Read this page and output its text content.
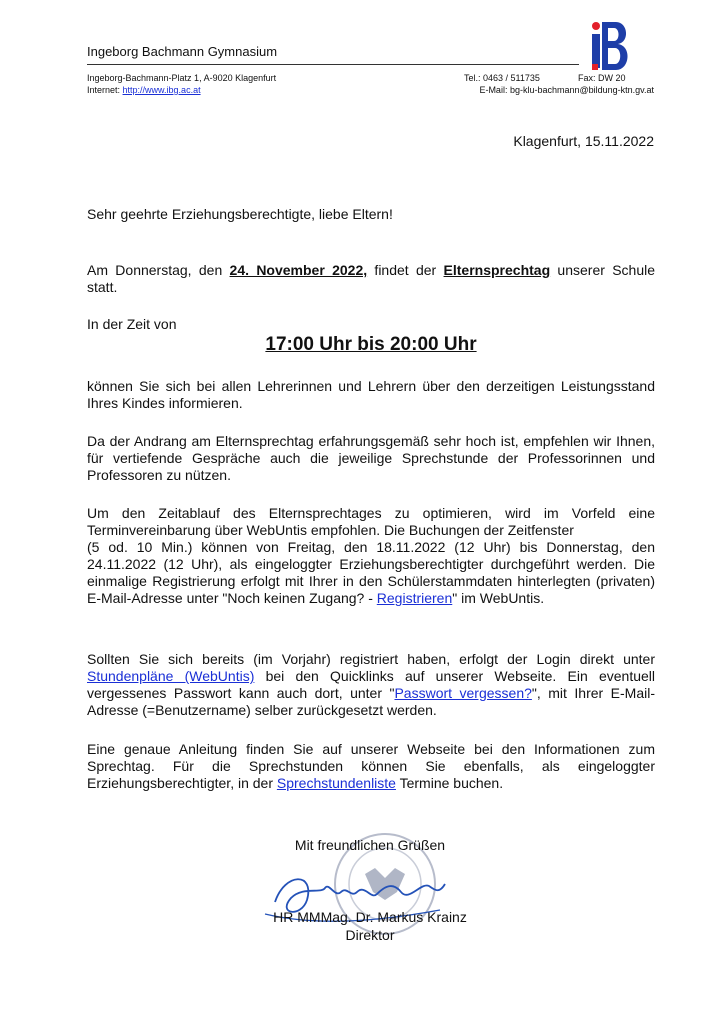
Ingeborg Bachmann Gymnasium
Ingeborg-Bachmann-Platz 1, A-9020 Klagenfurt	Tel.: 0463 / 511735	Fax: DW 20
Internet: http://www.ibg.ac.at	E-Mail: bg-klu-bachmann@bildung-ktn.gv.at
Klagenfurt, 15.11.2022
Sehr geehrte Erziehungsberechtigte, liebe Eltern!
Am Donnerstag, den 24. November 2022, findet der Elternsprechtag unserer Schule statt.
In der Zeit von
17:00 Uhr bis 20:00 Uhr
können Sie sich bei allen Lehrerinnen und Lehrern über den derzeitigen Leistungsstand Ihres Kindes informieren.
Da der Andrang am Elternsprechtag erfahrungsgemäß sehr hoch ist, empfehlen wir Ihnen, für vertiefende Gespräche auch die jeweilige Sprechstunde der Professorinnen und Professoren zu nützen.
Um den Zeitablauf des Elternsprechtages zu optimieren, wird im Vorfeld eine Terminvereinbarung über WebUntis empfohlen. Die Buchungen der Zeitfenster
(5 od. 10 Min.) können von Freitag, den 18.11.2022 (12 Uhr) bis Donnerstag, den 24.11.2022 (12 Uhr), als eingeloggter Erziehungsberechtigter durchgeführt werden. Die einmalige Registrierung erfolgt mit Ihrer in den Schülerstammdaten hinterlegten (privaten) E-Mail-Adresse unter "Noch keinen Zugang? - Registrieren" im WebUntis.
Sollten Sie sich bereits (im Vorjahr) registriert haben, erfolgt der Login direkt unter Stundenpläne (WebUntis) bei den Quicklinks auf unserer Webseite. Ein eventuell vergessenes Passwort kann auch dort, unter "Passwort vergessen?", mit Ihrer E-Mail-Adresse (=Benutzername) selber zurückgesetzt werden.
Eine genaue Anleitung finden Sie auf unserer Webseite bei den Informationen zum Sprechtag. Für die Sprechstunden können Sie ebenfalls, als eingeloggter Erziehungsberechtigter, in der Sprechstundenliste Termine buchen.
Mit freundlichen Grüßen
HR MMMag. Dr. Markus Krainz
Direktor
